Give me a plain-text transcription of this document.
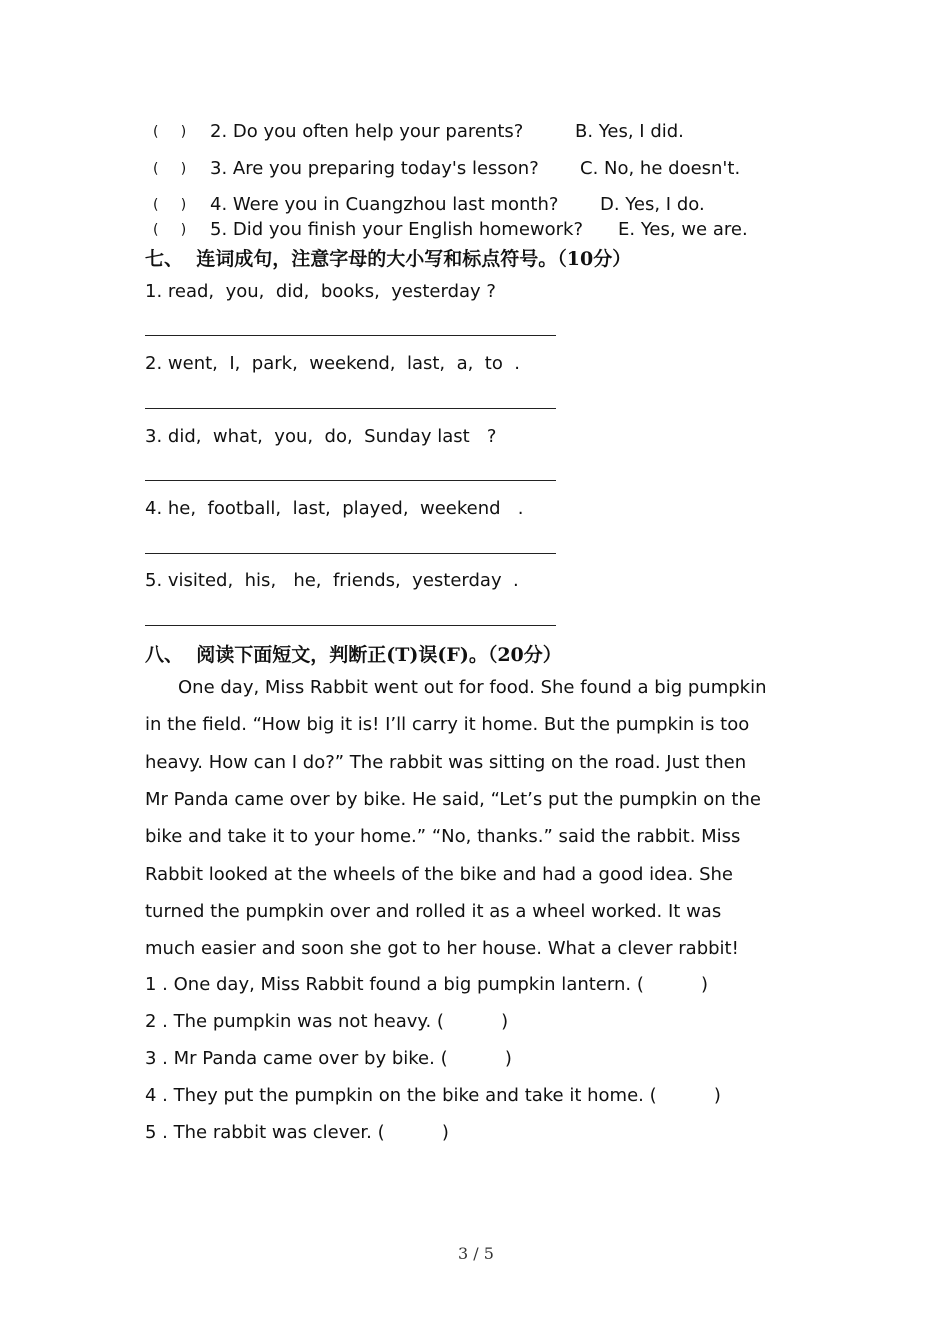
(     ) 2. Do you often help your parents?	B. Yes, I did.
(     ) 3. Are you preparing today's lesson? C. No, he doesn't.
(     ) 4. Were you in Cuangzhou last month? D. Yes, I do.
(     ) 5. Did you finish your English homework? E. Yes, we are.
七、 连词成句，注意字母的大小写和标点符号。（10分）
1. read,  you,  did,  books,  yesterday ?
2. went,  I,  park,  weekend,  last,  a,  to  .
3. did,  what,  you,  do,  Sunday last   ?
4. he,  football,  last,  played,  weekend   .
5. visited,  his,   he,  friends,  yesterday  .
八、 阅读下面短文，判断正(T)误(F)。（20分）
One day, Miss Rabbit went out for food. She found a big pumpkin
in the field. “How big it is! I’ll carry it home. But the pumpkin is too
heavy. How can I do?” The rabbit was sitting on the road. Just then
Mr Panda came over by bike. He said, “Let’s put the pumpkin on the
bike and take it to your home.” “No, thanks.” said the rabbit. Miss
Rabbit looked at the wheels of the bike and had a good idea. She
turned the pumpkin over and rolled it as a wheel worked. It was
much easier and soon she got to her house. What a clever rabbit!
1 . One day, Miss Rabbit found a big pumpkin lantern. (          )
2 . The pumpkin was not heavy. (          )
3 . Mr Panda came over by bike. (          )
4 . They put the pumpkin on the bike and take it home. (          )
5 . The rabbit was clever. (          )
3 / 5
